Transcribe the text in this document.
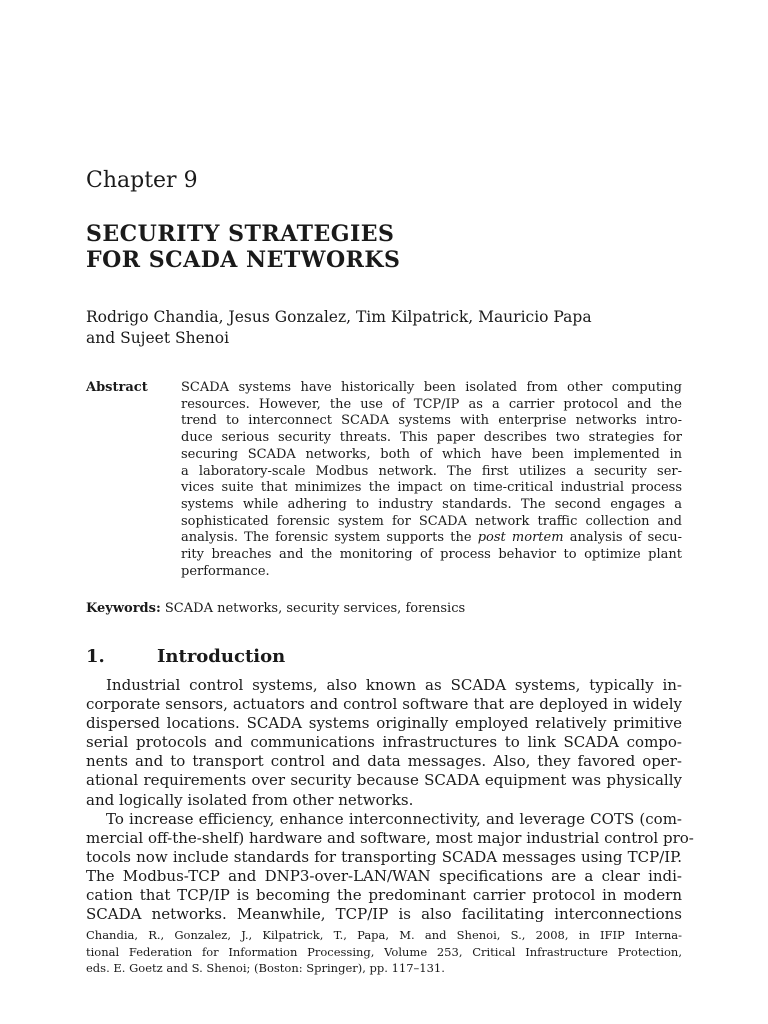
Chapter 9
SECURITY STRATEGIES
FOR SCADA NETWORKS
Rodrigo Chandia, Jesus Gonzalez, Tim Kilpatrick, Mauricio Papa
and Sujeet Shenoi
Abstract	SCADA systems have historically been isolated from other computing
resources. However, the use of TCP/IP as a carrier protocol and the
trend to interconnect SCADA systems with enterprise networks intro-
duce serious security threats. This paper describes two strategies for
securing SCADA networks, both of which have been implemented in
a laboratory-scale Modbus network. The first utilizes a security ser-
vices suite that minimizes the impact on time-critical industrial process
systems while adhering to industry standards. The second engages a
sophisticated forensic system for SCADA network traffic collection and
analysis. The forensic system supports the post mortem analysis of secu-
rity breaches and the monitoring of process behavior to optimize plant
performance.
Keywords: SCADA networks, security services, forensics
1.	Introduction
Industrial control systems, also known as SCADA systems, typically in-
corporate sensors, actuators and control software that are deployed in widely
dispersed locations. SCADA systems originally employed relatively primitive
serial protocols and communications infrastructures to link SCADA compo-
nents and to transport control and data messages. Also, they favored oper-
ational requirements over security because SCADA equipment was physically
and logically isolated from other networks.
To increase efficiency, enhance interconnectivity, and leverage COTS (com-
mercial off-the-shelf) hardware and software, most major industrial control pro-
tocols now include standards for transporting SCADA messages using TCP/IP.
The Modbus-TCP and DNP3-over-LAN/WAN specifications are a clear indi-
cation that TCP/IP is becoming the predominant carrier protocol in modern
SCADA networks. Meanwhile, TCP/IP is also facilitating interconnections
Chandia, R., Gonzalez, J., Kilpatrick, T., Papa, M. and Shenoi, S., 2008, in IFIP Interna-
tional Federation for Information Processing, Volume 253, Critical Infrastructure Protection,
eds. E. Goetz and S. Shenoi; (Boston: Springer), pp. 117–131.
